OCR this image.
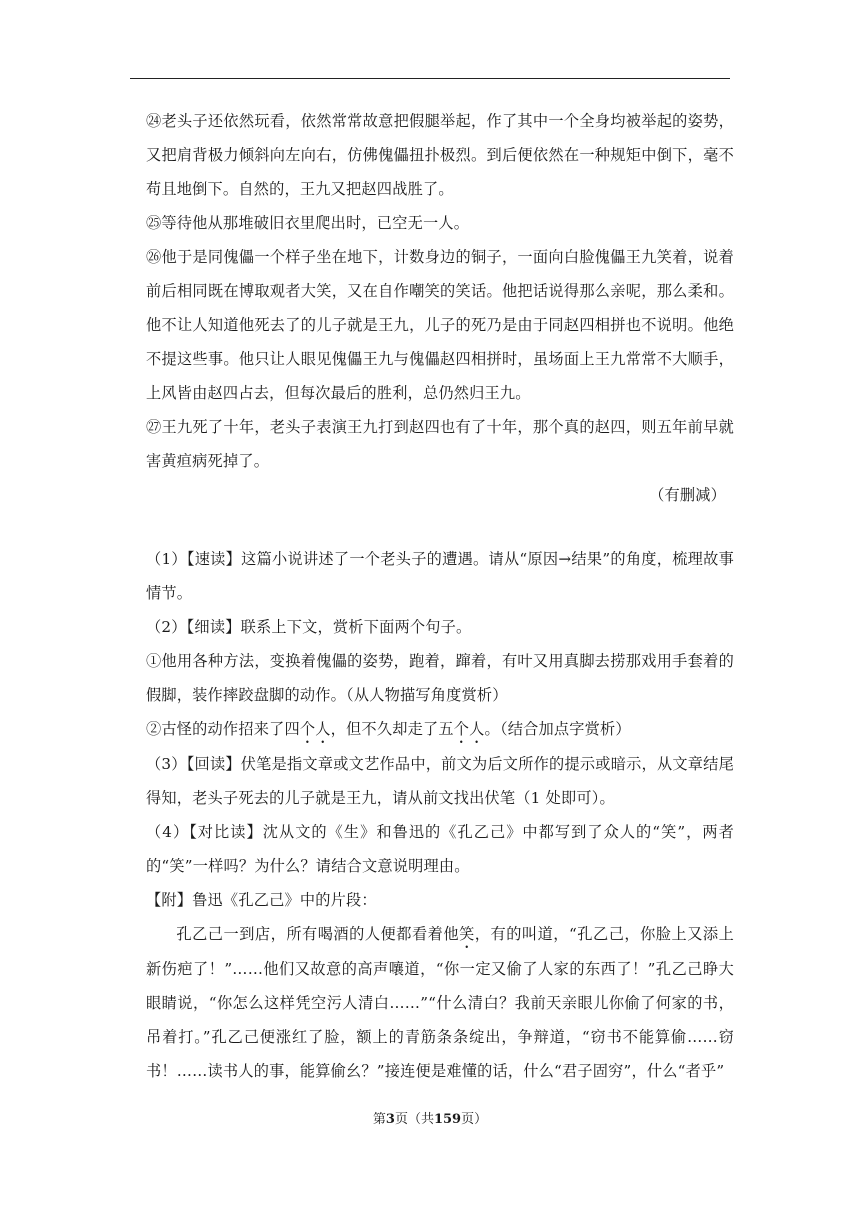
㉔老头子还依然玩看，依然常常故意把假腿举起，作了其中一个全身均被举起的姿势，又把肩背极力倾斜向左向右，仿佛傀儡扭扑极烈。到后便依然在一种规矩中倒下，毫不苟且地倒下。自然的，王九又把赵四战胜了。

㉕等待他从那堆破旧衣里爬出时，已空无一人。

㉖他于是同傀儡一个样子坐在地下，计数身边的铜子，一面向白脸傀儡王九笑着，说着前后相同既在博取观者大笑，又在自作嘲笑的笑话。他把话说得那么亲呢，那么柔和。他不让人知道他死去了的儿子就是王九，儿子的死乃是由于同赵四相拼也不说明。他绝不提这些事。他只让人眼见傀儡王九与傀儡赵四相拼时，虽场面上王九常常不大顺手，上风皆由赵四占去，但每次最后的胜利，总仍然归王九。

㉗王九死了十年，老头子表演王九打到赵四也有了十年，那个真的赵四，则五年前早就害黄疸病死掉了。

（有删减）

（1）【速读】这篇小说讲述了一个老头子的遭遇。请从“原因→结果”的角度，梳理故事情节。

（2）【细读】联系上下文，赏析下面两个句子。

①他用各种方法，变换着傀儡的姿势，跑着，蹿着，有叶又用真脚去捞那戏用手套着的假脚，装作摔跤盘脚的动作。（从人物描写角度赏析）

②古怪的动作招来了四个人，但不久却走了五个人。（结合加点字赏析）

（3）【回读】伏笔是指文章或文艺作品中，前文为后文所作的提示或暗示，从文章结尾得知，老头子死去的儿子就是王九，请从前文找出伏笔（1 处即可）。

（4）【对比读】沈从文的《生》和鲁迅的《孔乙己》中都写到了众人的“笑”，两者的“笑”一样吗？为什么？请结合文意说明理由。

【附】鲁迅《孔乙己》中的片段：

孔乙己一到店，所有喝酒的人便都看着他笑，有的叫道，“孔乙己，你脸上又添上新伤疤了！”……他们又故意的高声嚷道，“你一定又偷了人家的东西了！”孔乙己睁大眼睛说，“你怎么这样凭空污人清白……”“什么清白？我前天亲眼儿你偷了何家的书，吊着打。”孔乙己便涨红了脸，额上的青筋条条绽出，争辩道，“窃书不能算偷……窃书！……读书人的事，能算偷幺？”接连便是难懂的话，什么“君子固穷”，什么“者乎”

第3页（共159页）
